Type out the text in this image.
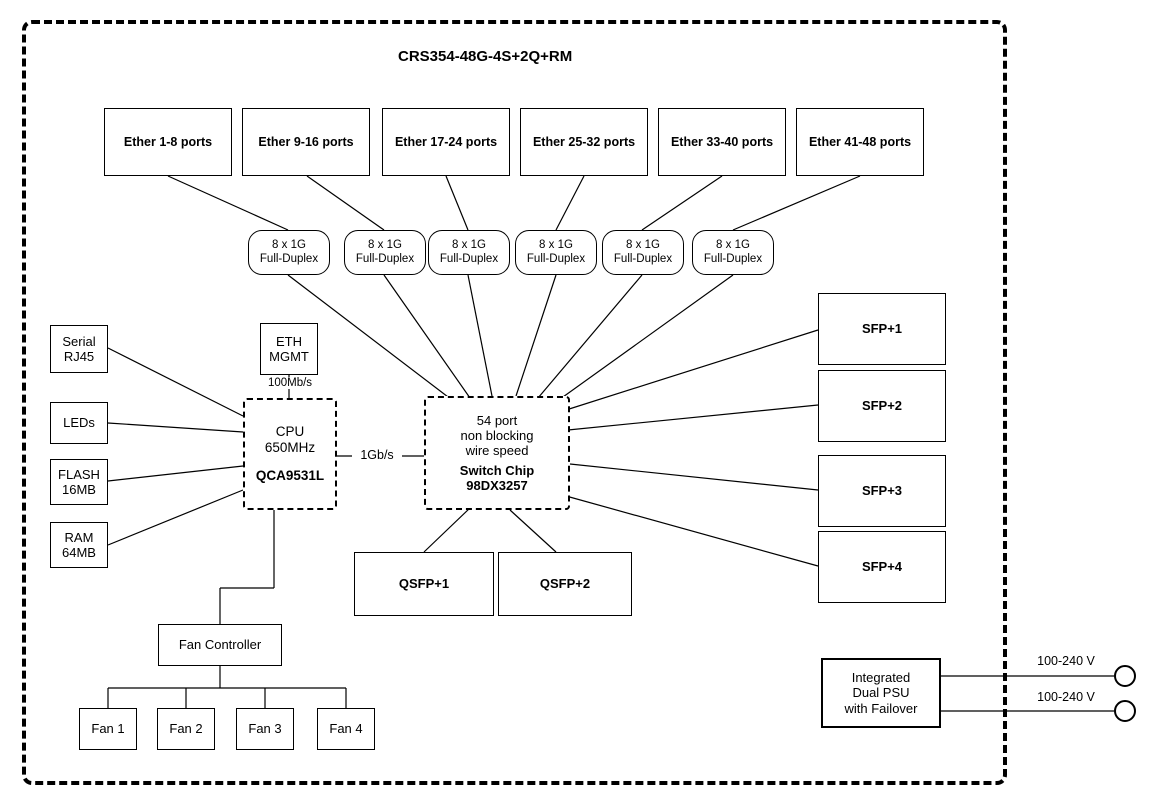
CRS354-48G-4S+2Q+RM
Ether 1-8 ports	Ether 9-16 ports	Ether 17-24 ports	Ether 25-32 ports	Ether 33-40 ports	Ether 41-48 ports
8 x 1G
Full-Duplex
8 x 1G
Full-Duplex
8 x 1G
Full-Duplex
8 x 1G
Full-Duplex
8 x 1G
Full-Duplex
8 x 1G
Full-Duplex
Serial
RJ45
LEDs
FLASH
16MB
RAM
64MB
ETH
MGMT
100Mb/s
CPU
650MHz
QCA9531L
1Gb/s
54 port
non blocking
wire speed
Switch Chip
98DX3257
SFP+1
SFP+2
SFP+3
SFP+4
QSFP+1	QSFP+2
Fan Controller
Fan 1	Fan 2	Fan 3	Fan 4
Integrated
Dual PSU
with Failover
100-240 V
100-240 V
